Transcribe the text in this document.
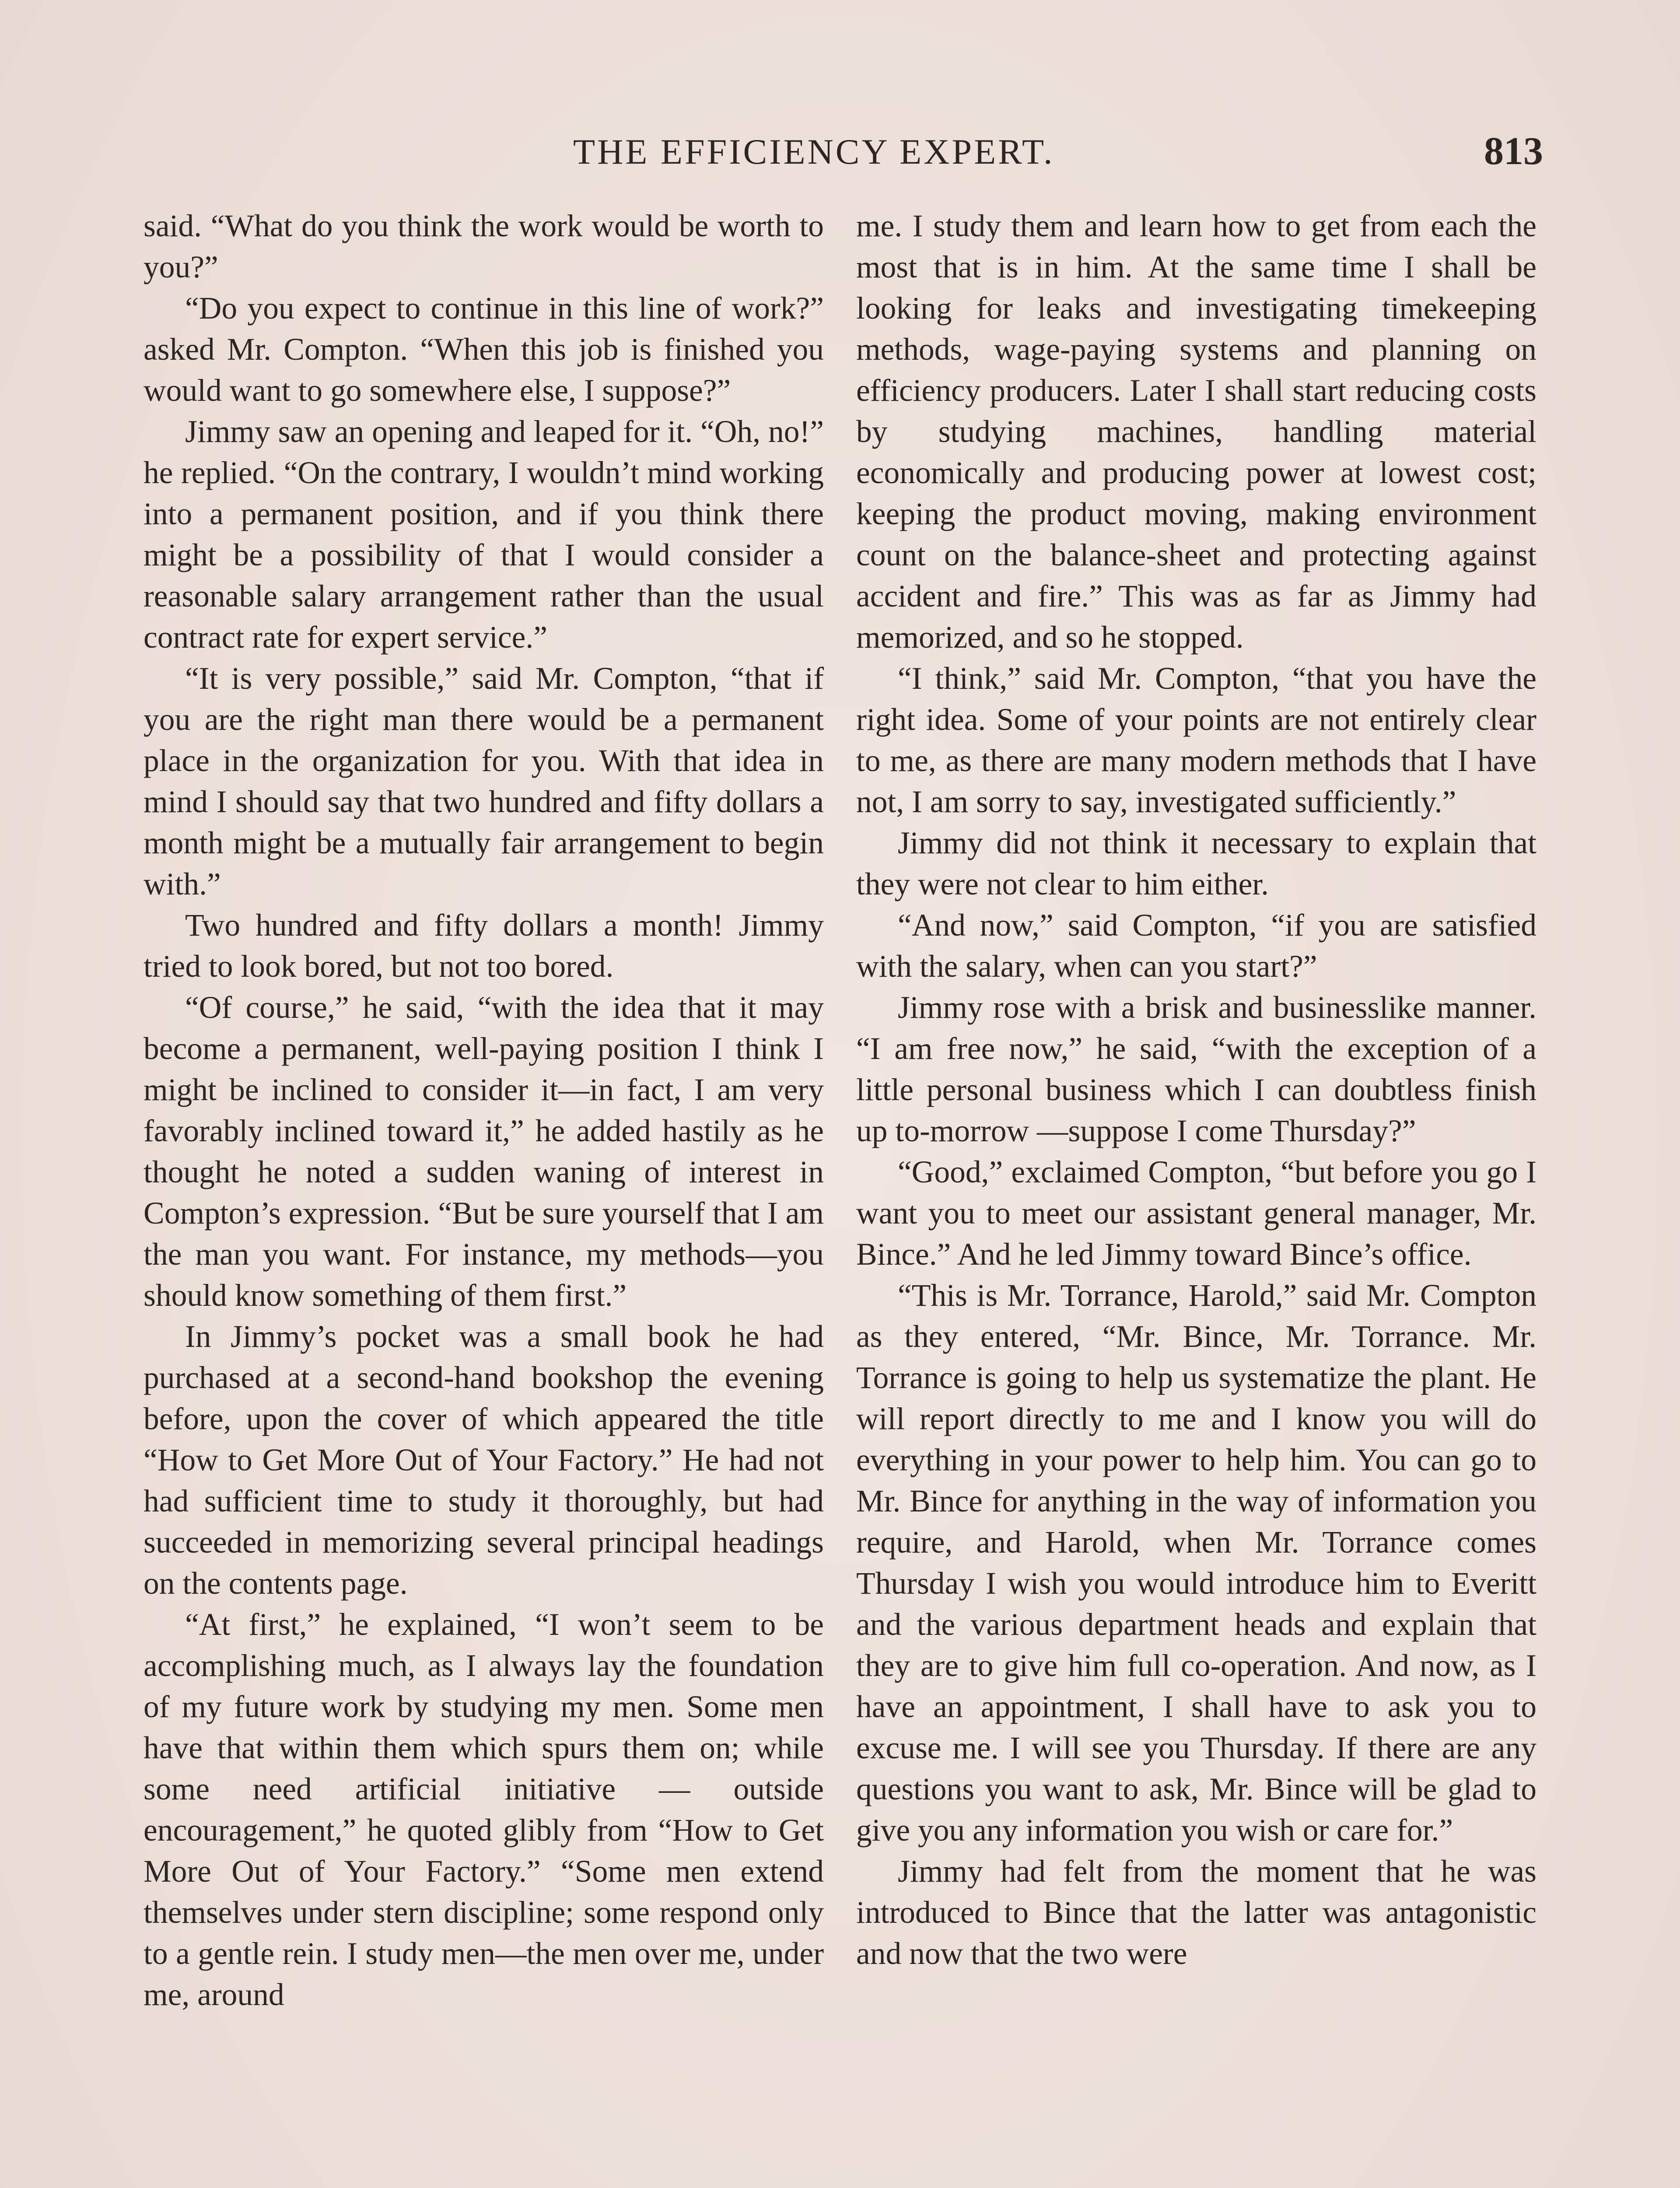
THE EFFICIENCY EXPERT.	813

said. “What do you think the work would be worth to you?”

“Do you expect to continue in this line of work?” asked Mr. Compton. “When this job is finished you would want to go somewhere else, I suppose?”

Jimmy saw an opening and leaped for it. “Oh, no!” he replied. “On the contrary, I wouldn’t mind working into a permanent position, and if you think there might be a possibility of that I would consider a reasonable salary arrangement rather than the usual contract rate for expert service.”

“It is very possible,” said Mr. Compton, “that if you are the right man there would be a permanent place in the organization for you. With that idea in mind I should say that two hundred and fifty dollars a month might be a mutually fair arrangement to begin with.”

Two hundred and fifty dollars a month! Jimmy tried to look bored, but not too bored.

“Of course,” he said, “with the idea that it may become a permanent, well-paying position I think I might be inclined to consider it—in fact, I am very favorably inclined toward it,” he added hastily as he thought he noted a sudden waning of interest in Compton’s expression. “But be sure yourself that I am the man you want. For instance, my methods—you should know something of them first.”

In Jimmy’s pocket was a small book he had purchased at a second-hand bookshop the evening before, upon the cover of which appeared the title “How to Get More Out of Your Factory.” He had not had sufficient time to study it thoroughly, but had succeeded in memorizing several principal headings on the contents page.

“At first,” he explained, “I won’t seem to be accomplishing much, as I always lay the foundation of my future work by studying my men. Some men have that within them which spurs them on; while some need artificial initiative — outside encouragement,” he quoted glibly from “How to Get More Out of Your Factory.” “Some men extend themselves under stern discipline; some respond only to a gentle rein. I study men—the men over me, under me, around

me. I study them and learn how to get from each the most that is in him. At the same time I shall be looking for leaks and investigating timekeeping methods, wage-paying systems and planning on efficiency producers. Later I shall start reducing costs by studying machines, handling material economically and producing power at lowest cost; keeping the product moving, making environment count on the balance-sheet and protecting against accident and fire.” This was as far as Jimmy had memorized, and so he stopped.

“I think,” said Mr. Compton, “that you have the right idea. Some of your points are not entirely clear to me, as there are many modern methods that I have not, I am sorry to say, investigated sufficiently.”

Jimmy did not think it necessary to explain that they were not clear to him either.

“And now,” said Compton, “if you are satisfied with the salary, when can you start?”

Jimmy rose with a brisk and businesslike manner. “I am free now,” he said, “with the exception of a little personal business which I can doubtless finish up to-morrow —suppose I come Thursday?”

“Good,” exclaimed Compton, “but before you go I want you to meet our assistant general manager, Mr. Bince.” And he led Jimmy toward Bince’s office.

“This is Mr. Torrance, Harold,” said Mr. Compton as they entered, “Mr. Bince, Mr. Torrance. Mr. Torrance is going to help us systematize the plant. He will report directly to me and I know you will do everything in your power to help him. You can go to Mr. Bince for anything in the way of information you require, and Harold, when Mr. Torrance comes Thursday I wish you would introduce him to Everitt and the various department heads and explain that they are to give him full co-operation. And now, as I have an appointment, I shall have to ask you to excuse me. I will see you Thursday. If there are any questions you want to ask, Mr. Bince will be glad to give you any information you wish or care for.”

Jimmy had felt from the moment that he was introduced to Bince that the latter was antagonistic and now that the two were
